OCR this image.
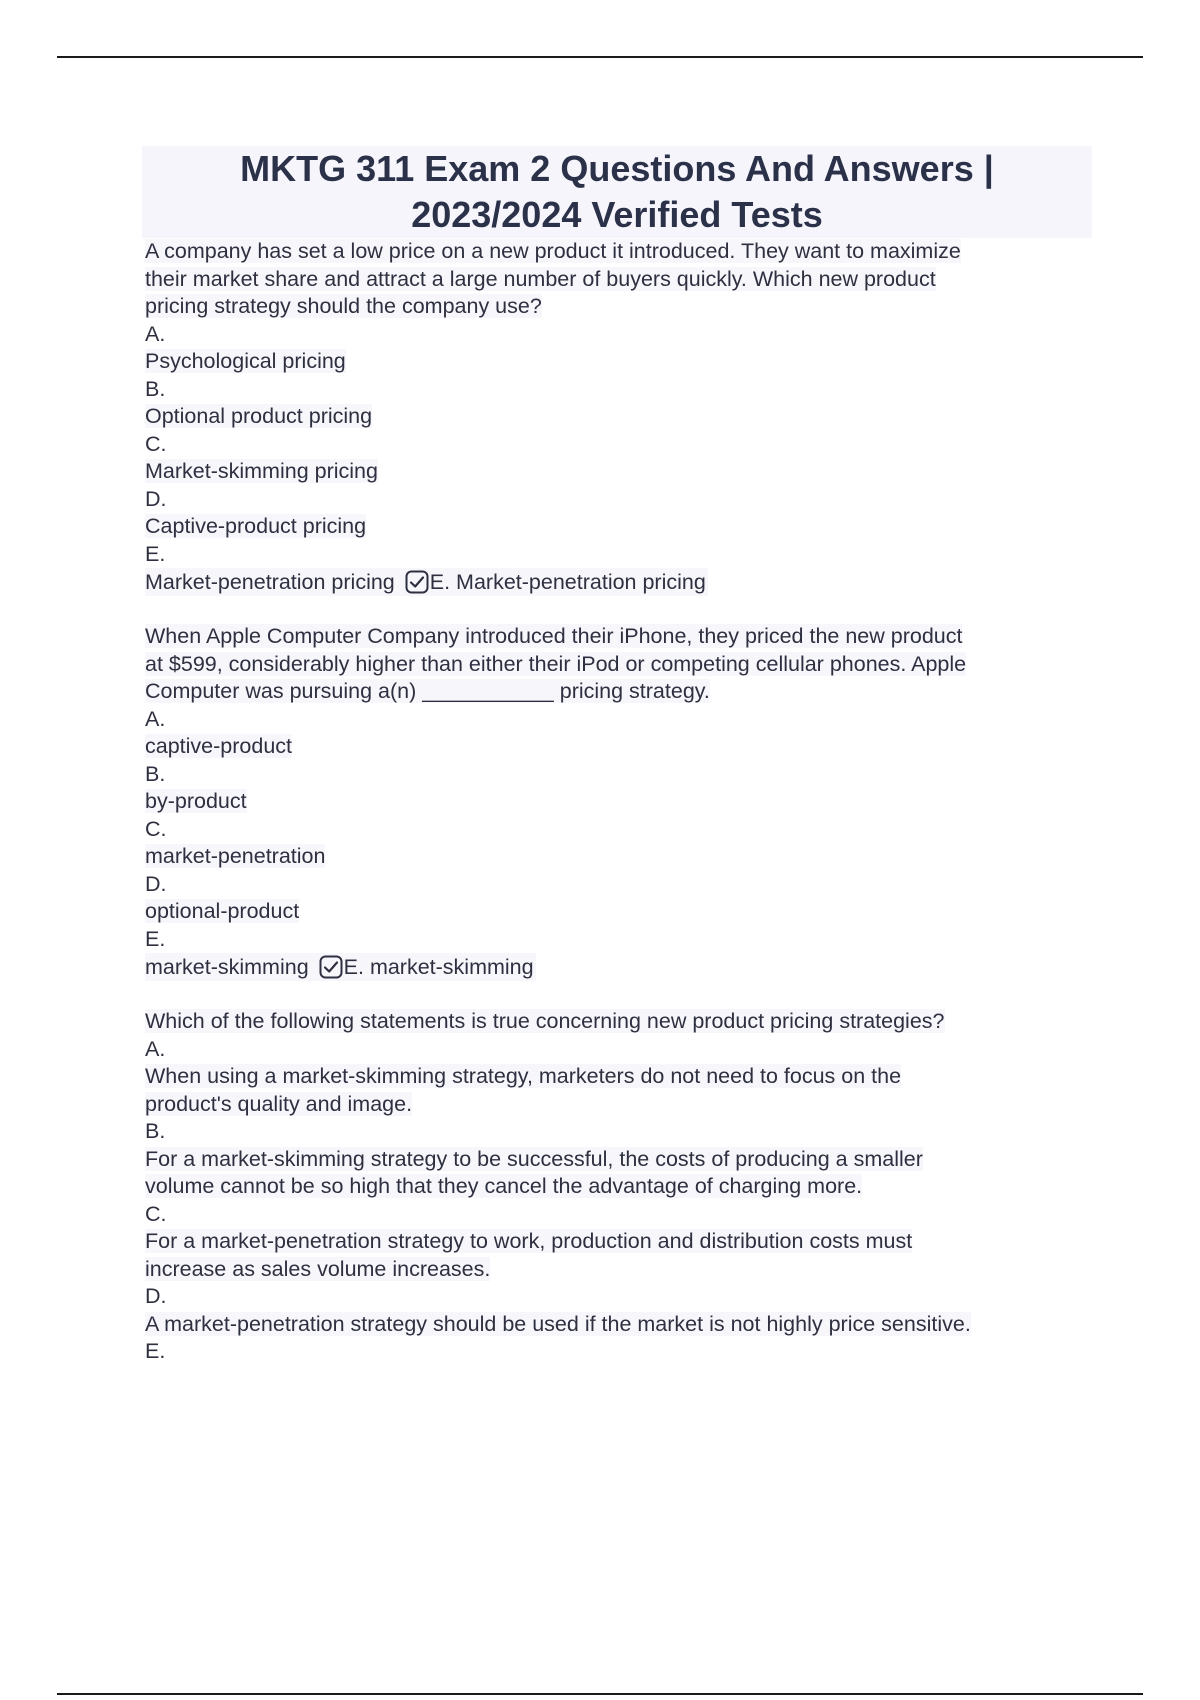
MKTG 311 Exam 2 Questions And Answers |

2023/2024 Verified Tests

A company has set a low price on a new product it introduced. They want to maximize

their market share and attract a large number of buyers quickly. Which new product

pricing strategy should the company use?

A.

Psychological pricing

B.

Optional product pricing

C.

Market-skimming pricing

D.

Captive-product pricing

E.

Market-penetration pricing E. Market-penetration pricing

When Apple Computer Company introduced their iPhone, they priced the new product

at $599, considerably higher than either their iPod or competing cellular phones. Apple

Computer was pursuing a(n) ___________ pricing strategy.

A.

captive-product

B.

by-product

C.

market-penetration

D.

optional-product

E.

market-skimming E. market-skimming

Which of the following statements is true concerning new product pricing strategies?

A.

When using a market-skimming strategy, marketers do not need to focus on the

product's quality and image.

B.

For a market-skimming strategy to be successful, the costs of producing a smaller

volume cannot be so high that they cancel the advantage of charging more.

C.

For a market-penetration strategy to work, production and distribution costs must

increase as sales volume increases.

D.

A market-penetration strategy should be used if the market is not highly price sensitive.

E.
